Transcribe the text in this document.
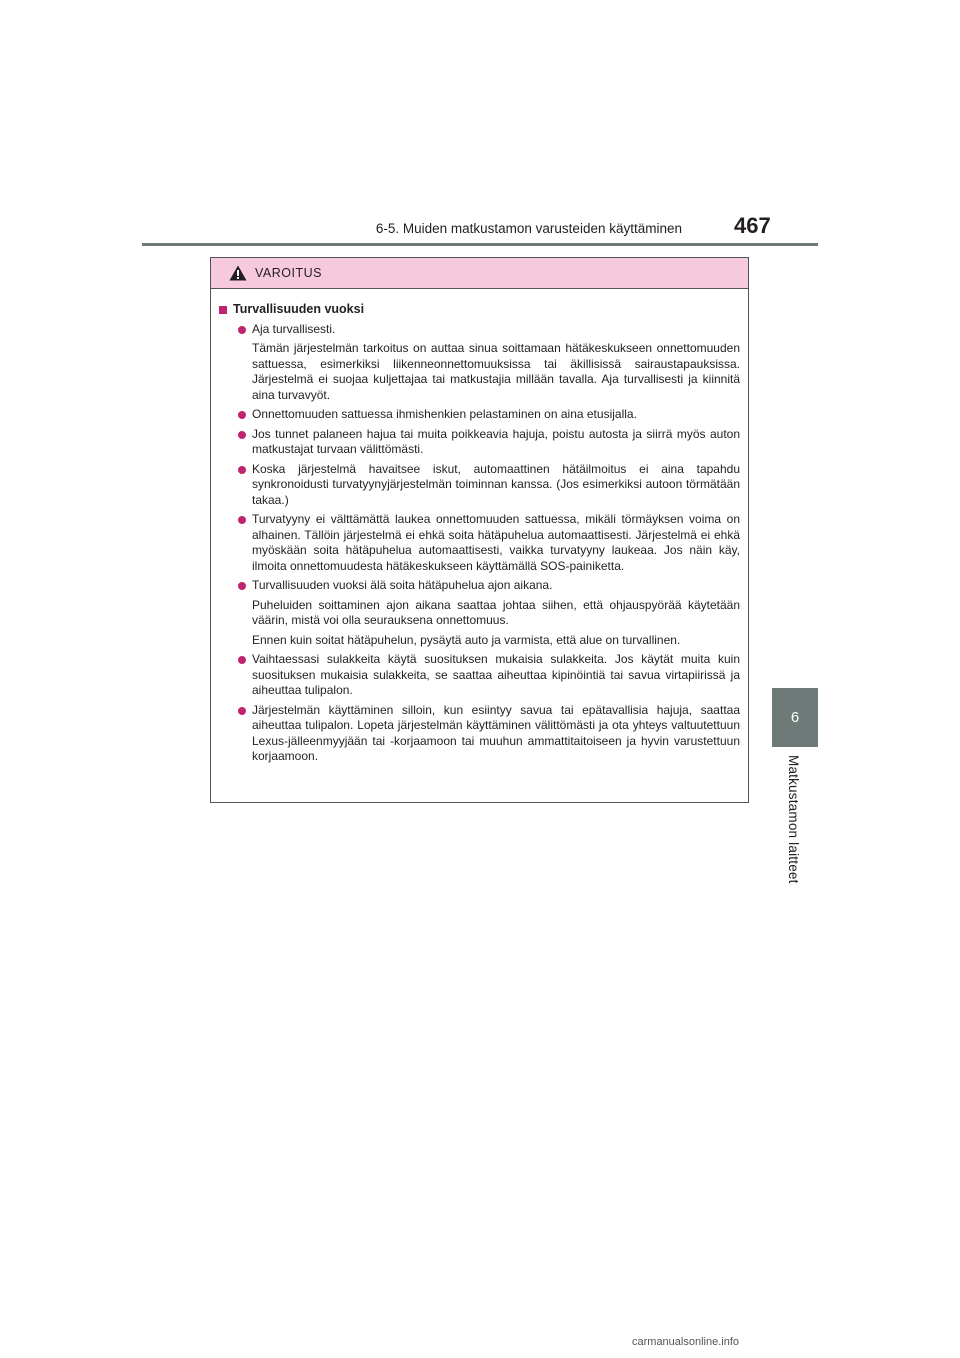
6-5. Muiden matkustamon varusteiden käyttäminen 467
6
Matkustamon laitteet
VAROITUS
Turvallisuuden vuoksi
Aja turvallisesti.
Tämän järjestelmän tarkoitus on auttaa sinua soittamaan hätäkeskukseen onnettomuuden sattuessa, esimerkiksi liikenneonnettomuuksissa tai äkillisissä sairaustapauksissa. Järjestelmä ei suojaa kuljettajaa tai matkustajia millään tavalla. Aja turvallisesti ja kiinnitä aina turvavyöt.
Onnettomuuden sattuessa ihmishenkien pelastaminen on aina etusijalla.
Jos tunnet palaneen hajua tai muita poikkeavia hajuja, poistu autosta ja siirrä myös auton matkustajat turvaan välittömästi.
Koska järjestelmä havaitsee iskut, automaattinen hätäilmoitus ei aina tapahdu synkronoidusti turvatyynyjärjestelmän toiminnan kanssa. (Jos esimerkiksi autoon törmätään takaa.)
Turvatyyny ei välttämättä laukea onnettomuuden sattuessa, mikäli törmäyksen voima on alhainen. Tällöin järjestelmä ei ehkä soita hätäpuhelua automaattisesti. Järjestelmä ei ehkä myöskään soita hätäpuhelua automaattisesti, vaikka turvatyyny laukeaa. Jos näin käy, ilmoita onnettomuudesta hätäkeskukseen käyttämällä SOS-painiketta.
Turvallisuuden vuoksi älä soita hätäpuhelua ajon aikana.
Puheluiden soittaminen ajon aikana saattaa johtaa siihen, että ohjauspyörää käytetään väärin, mistä voi olla seurauksena onnettomuus.
Ennen kuin soitat hätäpuhelun, pysäytä auto ja varmista, että alue on turvallinen.
Vaihtaessasi sulakkeita käytä suosituksen mukaisia sulakkeita. Jos käytät muita kuin suosituksen mukaisia sulakkeita, se saattaa aiheuttaa kipinöintiä tai savua virtapiirissä ja aiheuttaa tulipalon.
Järjestelmän käyttäminen silloin, kun esiintyy savua tai epätavallisia hajuja, saattaa aiheuttaa tulipalon. Lopeta järjestelmän käyttäminen välittömästi ja ota yhteys valtuutettuun Lexus-jälleenmyyjään tai -korjaamoon tai muuhun ammattitaitoiseen ja hyvin varustettuun korjaamoon.
carmanualsonline.info
